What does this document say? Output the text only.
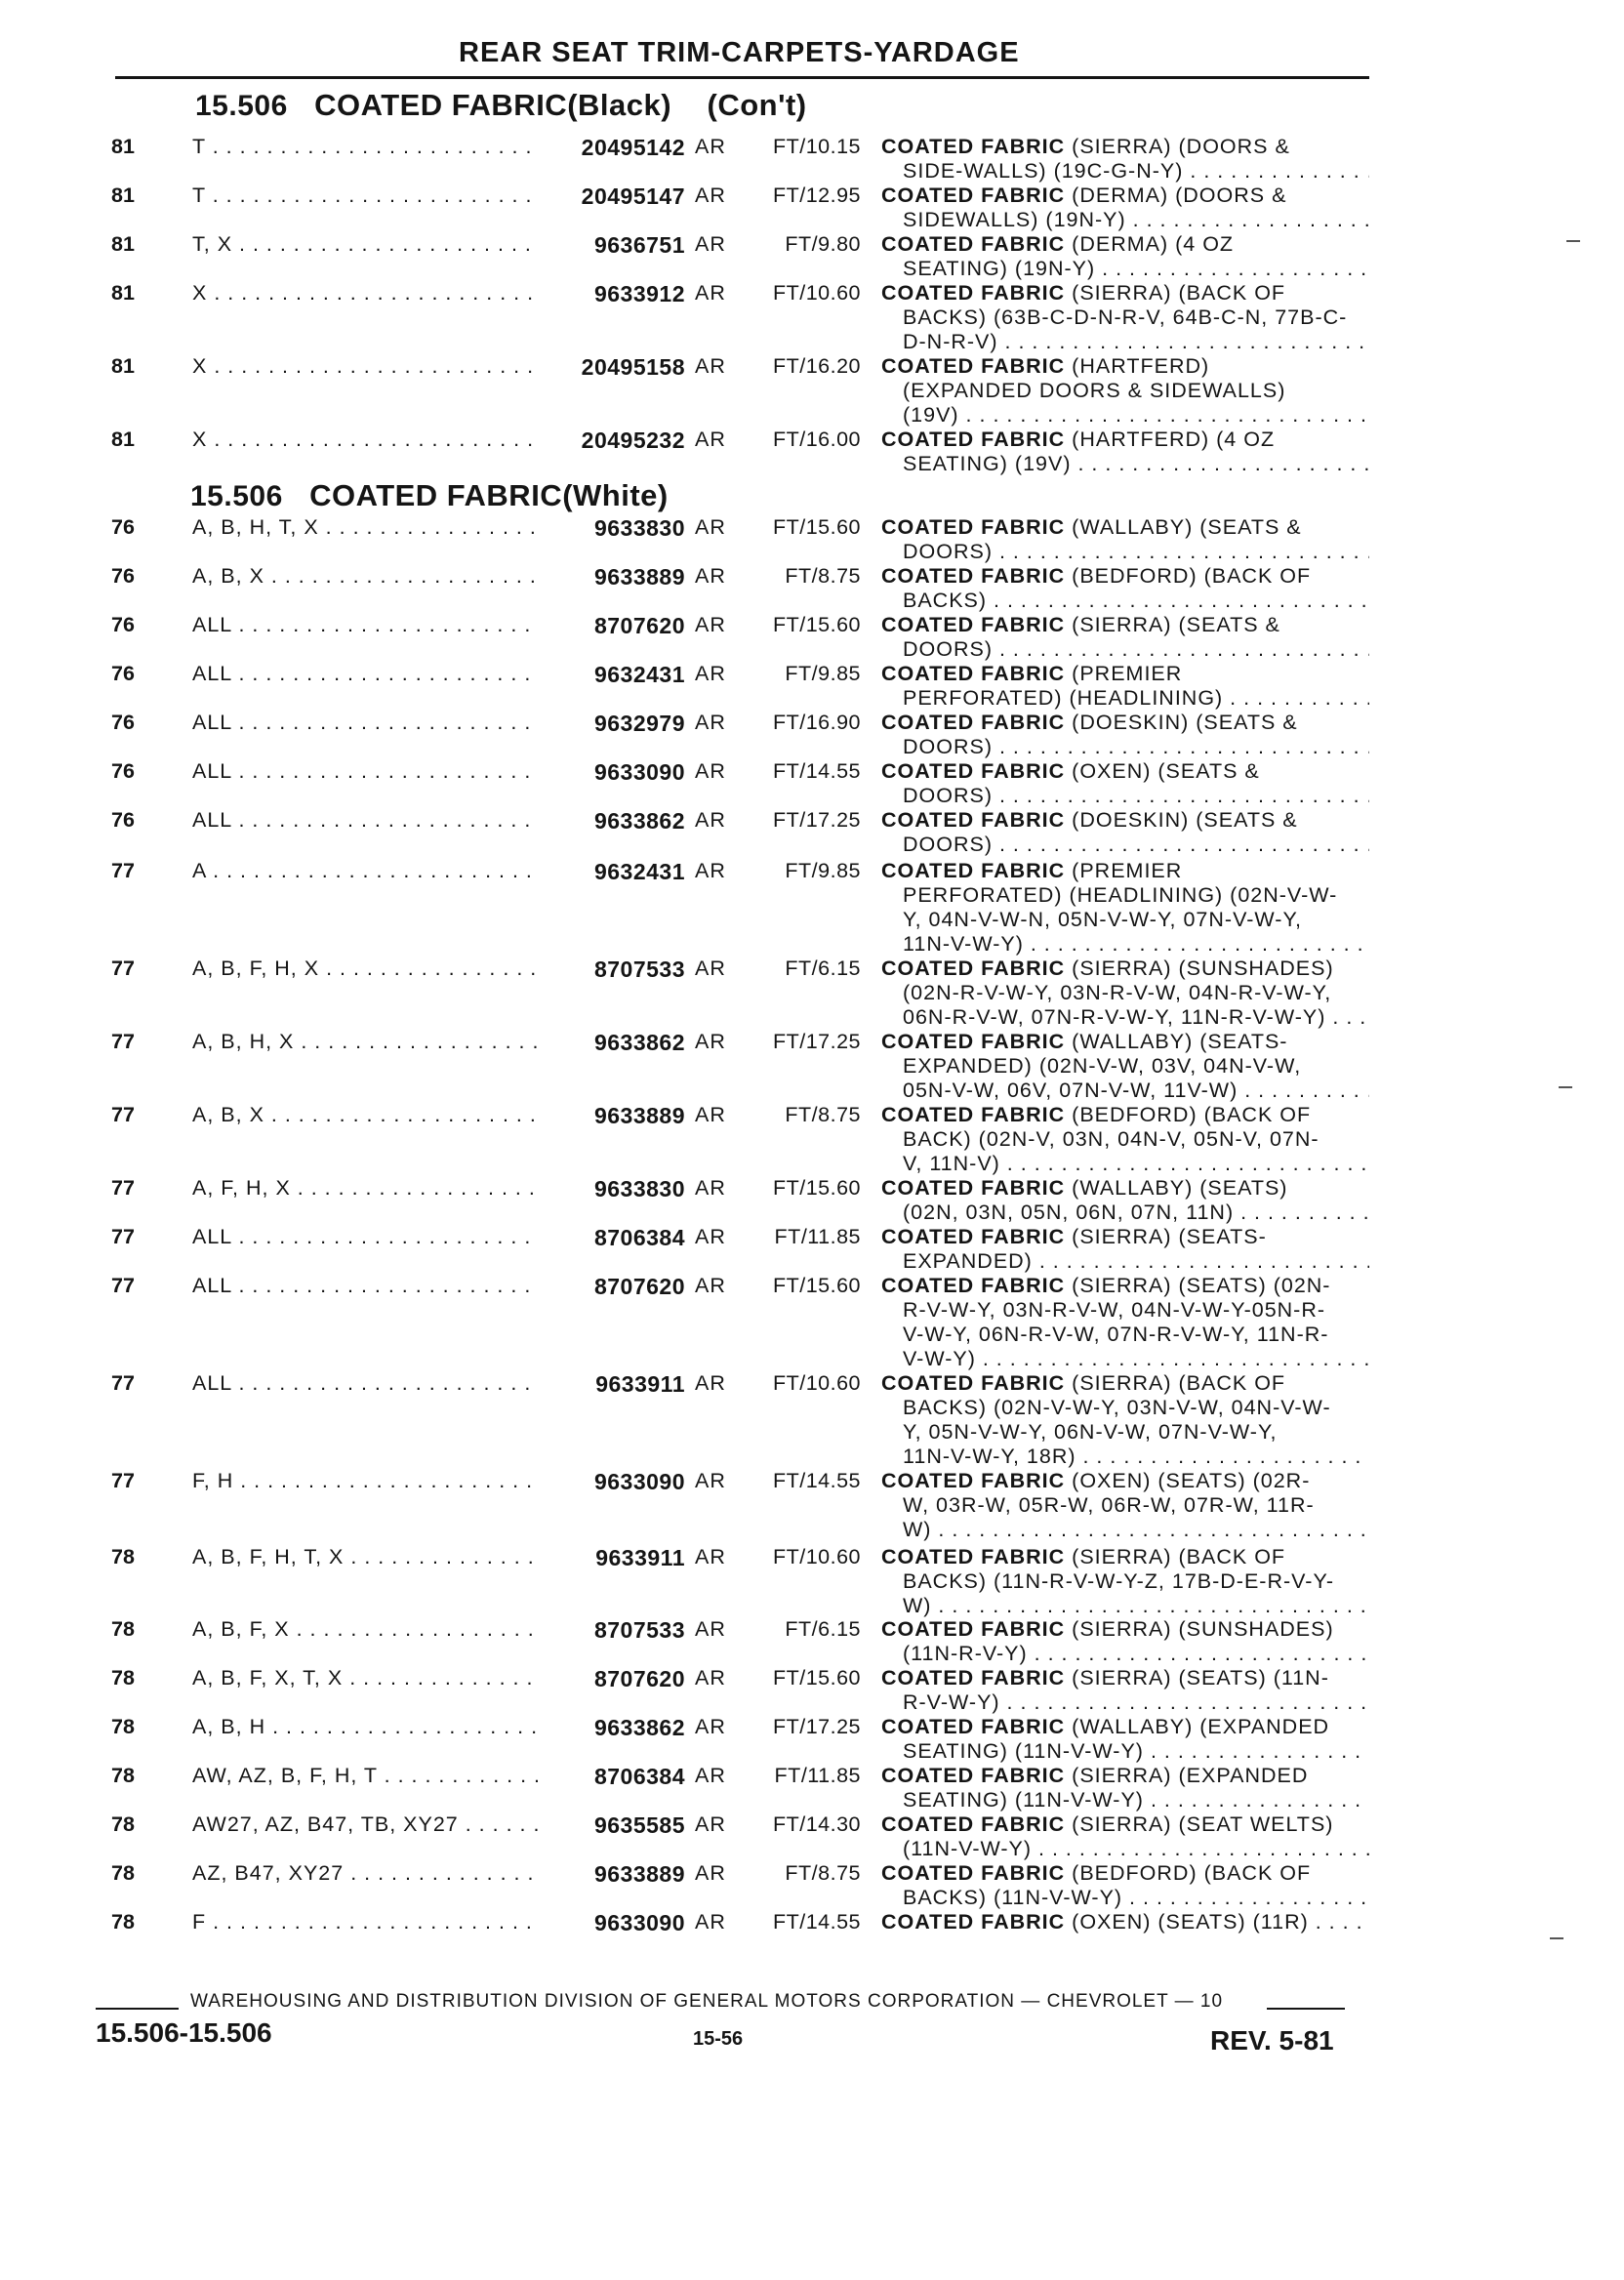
REAR SEAT TRIM-CARPETS-YARDAGE
15.506 COATED FABRIC(Black) (Con't)
15.506 COATED FABRIC(White)
81	T . . .	20495142 AR	FT/10.15 COATED FABRIC (SIERRA) (DOORS &
SIDE-WALLS) (19C-G-N-Y) . . .
81	T . . .	20495147 AR	FT/12.95 COATED FABRIC (DERMA) (DOORS &
SIDEWALLS) (19N-Y) . . .
81	T, X . . .	9636751 AR	FT/9.80 COATED FABRIC (DERMA) (4 OZ
SEATING) (19N-Y) . . .
81	X . . .	9633912 AR	FT/10.60 COATED FABRIC (SIERRA) (BACK OF
BACKS) (63B-C-D-N-R-V, 64B-C-N, 77B-C-
D-N-R-V) . . .
81	X . . .	20495158 AR	FT/16.20 COATED FABRIC (HARTFERD)
(EXPANDED DOORS & SIDEWALLS)
(19V) . . .
81	X . . .	20495232 AR	FT/16.00 COATED FABRIC (HARTFERD) (4 OZ
SEATING) (19V) . . .
76	A, B, H, T, X . . .	9633830 AR	FT/15.60 COATED FABRIC (WALLABY) (SEATS &
DOORS) . . .
76	A, B, X . . .	9633889 AR	FT/8.75 COATED FABRIC (BEDFORD) (BACK OF
BACKS) . . .
76	ALL . . .	8707620 AR	FT/15.60 COATED FABRIC (SIERRA) (SEATS &
DOORS) . . .
76	ALL . . .	9632431 AR	FT/9.85 COATED FABRIC (PREMIER
PERFORATED) (HEADLINING) . . .
76	ALL . . .	9632979 AR	FT/16.90 COATED FABRIC (DOESKIN) (SEATS &
DOORS) . . .
76	ALL . . .	9633090 AR	FT/14.55 COATED FABRIC (OXEN) (SEATS &
DOORS) . . .
76	ALL . . .	9633862 AR	FT/17.25 COATED FABRIC (DOESKIN) (SEATS &
DOORS) . . .
77	A . . .	9632431 AR	FT/9.85 COATED FABRIC (PREMIER
PERFORATED) (HEADLINING) (02N-V-W-
Y, 04N-V-W-N, 05N-V-W-Y, 07N-V-W-Y,
11N-V-W-Y) . . .
77	A, B, F, H, X . . .	8707533 AR	FT/6.15 COATED FABRIC (SIERRA) (SUNSHADES)
(02N-R-V-W-Y, 03N-R-V-W, 04N-R-V-W-Y,
06N-R-V-W, 07N-R-V-W-Y, 11N-R-V-W-Y) . . .
77	A, B, H, X . . .	9633862 AR	FT/17.25 COATED FABRIC (WALLABY) (SEATS-
EXPANDED) (02N-V-W, 03V, 04N-V-W,
05N-V-W, 06V, 07N-V-W, 11V-W) . . .
77	A, B, X . . .	9633889 AR	FT/8.75 COATED FABRIC (BEDFORD) (BACK OF
BACK) (02N-V, 03N, 04N-V, 05N-V, 07N-
V, 11N-V) . . .
77	A, F, H, X . . .	9633830 AR	FT/15.60 COATED FABRIC (WALLABY) (SEATS)
(02N, 03N, 05N, 06N, 07N, 11N) . . .
77	ALL . . .	8706384 AR	FT/11.85 COATED FABRIC (SIERRA) (SEATS-
EXPANDED) . . .
77	ALL . . .	8707620 AR	FT/15.60 COATED FABRIC (SIERRA) (SEATS) (02N-
R-V-W-Y, 03N-R-V-W, 04N-V-W-Y-05N-R-
V-W-Y, 06N-R-V-W, 07N-R-V-W-Y, 11N-R-
V-W-Y) . . .
77	ALL . . .	9633911 AR	FT/10.60 COATED FABRIC (SIERRA) (BACK OF
BACKS) (02N-V-W-Y, 03N-V-W, 04N-V-W-
Y, 05N-V-W-Y, 06N-V-W, 07N-V-W-Y,
11N-V-W-Y, 18R) . . .
77	F, H . . .	9633090 AR	FT/14.55 COATED FABRIC (OXEN) (SEATS) (02R-
W, 03R-W, 05R-W, 06R-W, 07R-W, 11R-
W) . . .
78	A, B, F, H, T, X . . .	9633911 AR	FT/10.60 COATED FABRIC (SIERRA) (BACK OF
BACKS) (11N-R-V-W-Y-Z, 17B-D-E-R-V-Y-
W) . . .
78	A, B, F, X . . .	8707533 AR	FT/6.15 COATED FABRIC (SIERRA) (SUNSHADES)
(11N-R-V-Y) . . .
78	A, B, F, X, T, X . . .	8707620 AR	FT/15.60 COATED FABRIC (SIERRA) (SEATS) (11N-
R-V-W-Y) . . .
78	A, B, H . . .	9633862 AR	FT/17.25 COATED FABRIC (WALLABY) (EXPANDED
SEATING) (11N-V-W-Y) . . .
78	AW, AZ, B, F, H, T . . .	8706384 AR	FT/11.85 COATED FABRIC (SIERRA) (EXPANDED
SEATING) (11N-V-W-Y) . . .
78	AW27, AZ, B47, TB, XY27 . . .	9635585 AR	FT/14.30 COATED FABRIC (SIERRA) (SEAT WELTS)
(11N-V-W-Y) . . .
78	AZ, B47, XY27 . . .	9633889 AR	FT/8.75 COATED FABRIC (BEDFORD) (BACK OF
BACKS) (11N-V-W-Y) . . .
78	F . . .	9633090 AR	FT/14.55 COATED FABRIC (OXEN) (SEATS) (11R) . . .
WAREHOUSING AND DISTRIBUTION DIVISION OF GENERAL MOTORS CORPORATION — CHEVROLET — 10
15.506-15.506	15-56	REV. 5-81
